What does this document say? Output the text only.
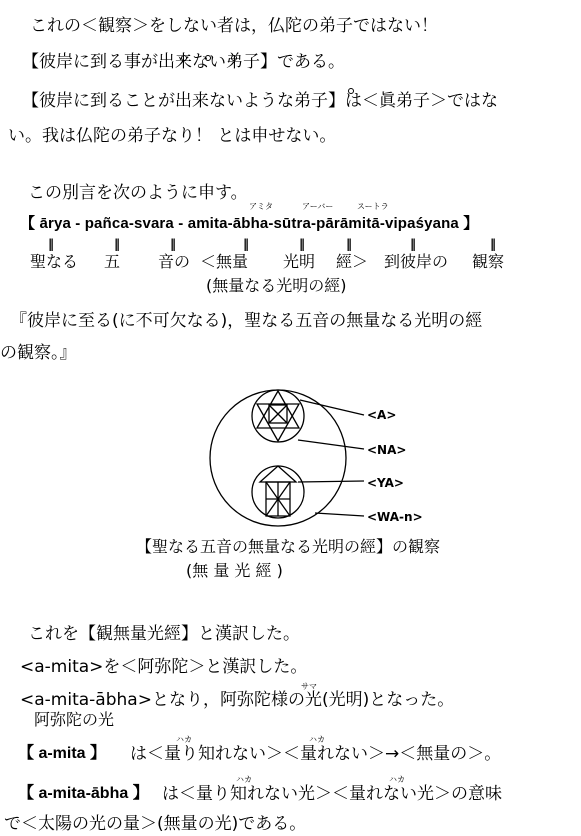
これの＜観察＞をしない者は，仏陀の弟子ではない！
【彼岸に到る事が出来ない弟子】である。
【彼岸に到ることが出来ないような弟子】は＜眞弟子＞ではな
い。我は仏陀の弟子なり！ とは申せない。
この別言を次のように申す。
アミタ	アーバー	スートラ
【 ārya - pañca-svara - amita-ābha-sūtra-pārāmitā-vipaśyana 】
‖	‖	‖	‖	‖	‖	‖	‖
聖なる 五 音の ＜無量 光明 經＞ 到彼岸の 観察
(無量なる光明の經)
『彼岸に至る(に不可欠なる)，聖なる五音の無量なる光明の經
の観察。』
<A>
<NA>
<YA>
<WA-n>
【聖なる五音の無量なる光明の經】の観察
(無 量 光 經 )
これを【観無量光經】と漢訳した。
<a-mita>を＜阿弥陀＞と漢訳した。
サマ
<a-mita-ābha>となり，阿弥陀様の光(光明)となった。
阿弥陀の光
ハカ	ハカ
【 a-mita 】 は＜量り知れない＞＜量れない＞→＜無量の＞。
ハカ	ハカ
【 a-mita-ābha 】 は＜量り知れない光＞＜量れない光＞の意味
で＜太陽の光の量＞(無量の光)である。
